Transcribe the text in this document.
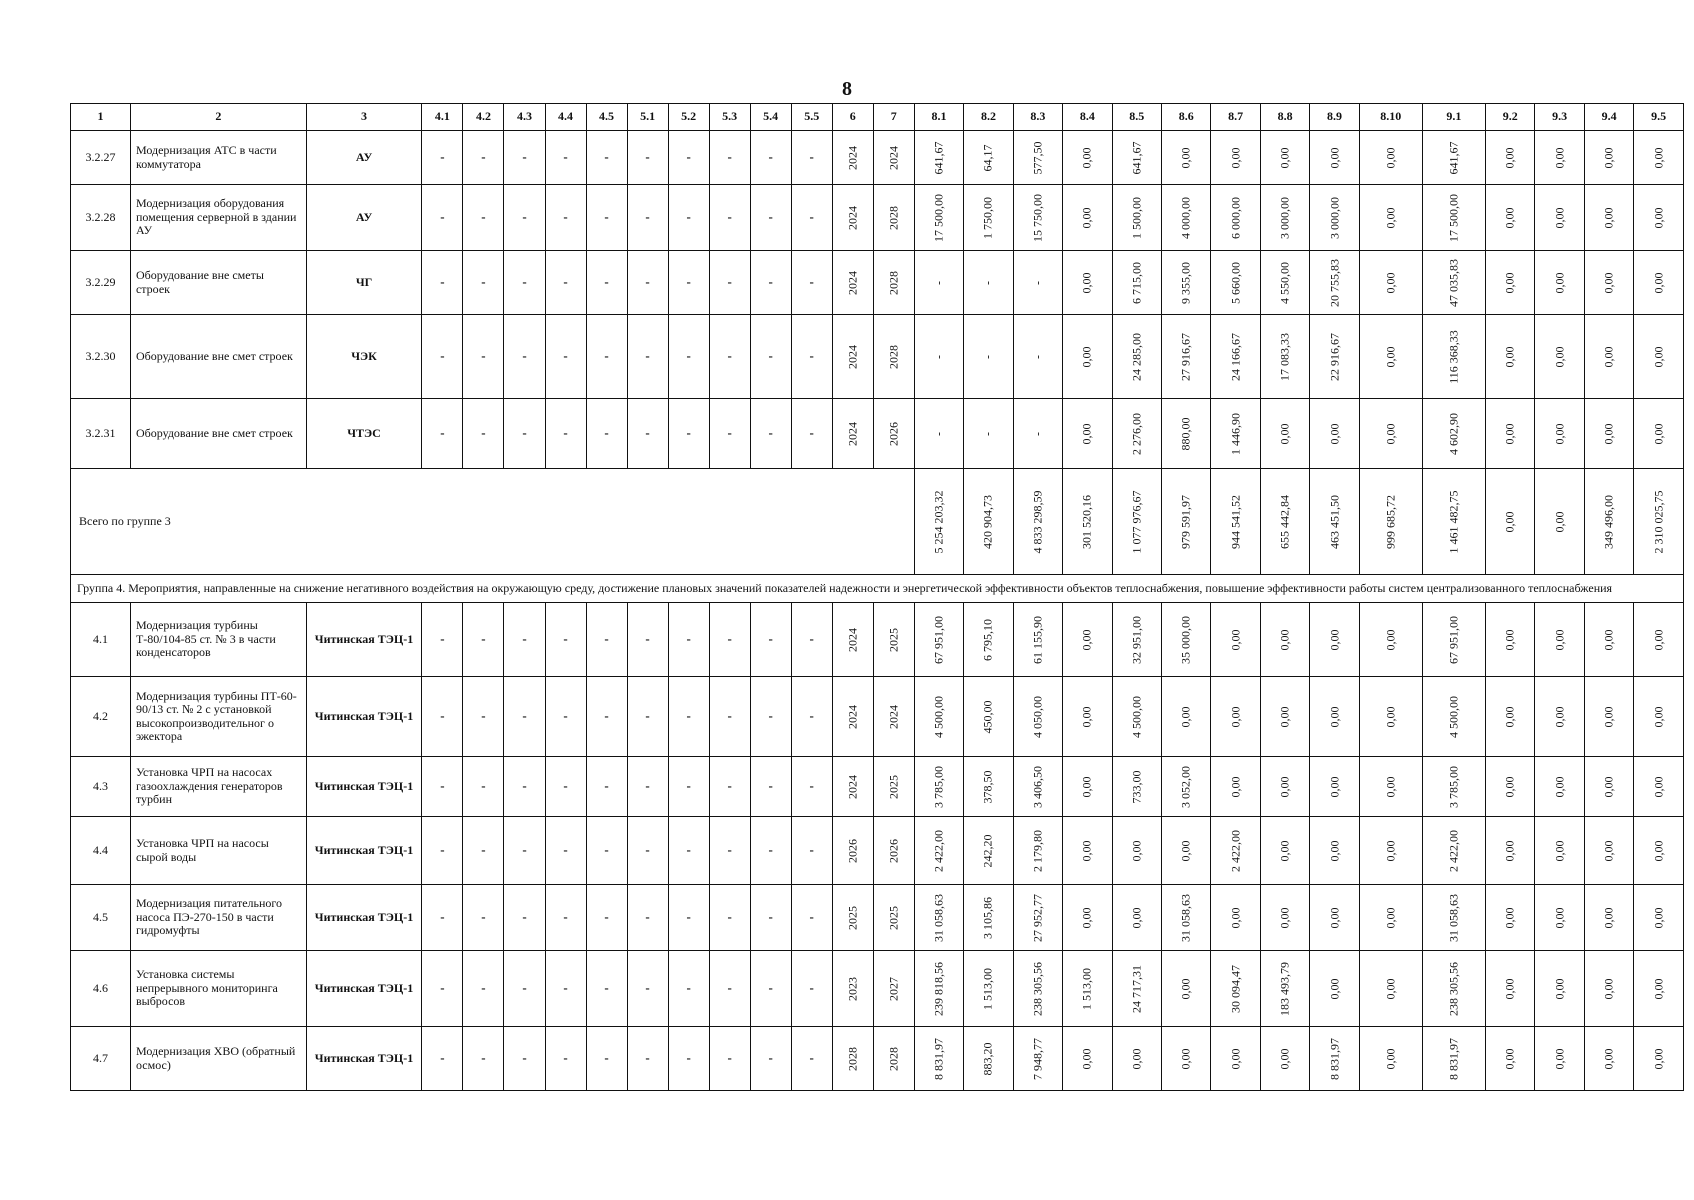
8
1	2	3	4.1	4.2	4.3	4.4	4.5	5.1	5.2	5.3	5.4	5.5	6	7	8.1	8.2	8.3	8.4	8.5	8.6	8.7	8.8	8.9	8.10	9.1	9.2	9.3	9.4	9.5
3.2.27	Модернизация АТС в части коммутатора	АУ	-	-	-	-	-	-	-	-	-	-	2024	2024	641,67	64,17	577,50	0,00	641,67	0,00	0,00	0,00	0,00	0,00	641,67	0,00	0,00	0,00	0,00

3.2.28	Модернизация оборудования помещения серверной в здании АУ	АУ	-	-	-	-	-	-	-	-	-	-	2024	2028	17 500,00	1 750,00	15 750,00	0,00	1 500,00	4 000,00	6 000,00	3 000,00	3 000,00	0,00	17 500,00	0,00	0,00	0,00	0,00

3.2.29	Оборудование вне сметы строек	ЧГ	-	-	-	-	-	-	-	-	-	-	2024	2028	-	-	-	0,00	6 715,00	9 355,00	5 660,00	4 550,00	20 755,83	0,00	47 035,83	0,00	0,00	0,00	0,00

3.2.30	Оборудование вне смет строек	ЧЭК	-	-	-	-	-	-	-	-	-	-	2024	2028	-	-	-	0,00	24 285,00	27 916,67	24 166,67	17 083,33	22 916,67	0,00	116 368,33	0,00	0,00	0,00	0,00

3.2.31	Оборудование вне смет строек	ЧТЭС	-	-	-	-	-	-	-	-	-	-	2024	2026	-	-	-	0,00	2 276,00	880,00	1 446,90	0,00	0,00	0,00	4 602,90	0,00	0,00	0,00	0,00

Всего по группе 3															5 254 203,32	420 904,73	4 833 298,59	301 520,16	1 077 976,67	979 591,97	944 541,52	655 442,84	463 451,50	999 685,72	1 461 482,75	0,00	0,00	349 496,00	2 310 025,75

Группа 4. Мероприятия, направленные на снижение негативного воздействия на окружающую среду, достижение плановых значений показателей надежности и энергетической эффективности объектов теплоснабжения, повышение эффективности работы систем централизованного теплоснабжения																													
4.1	Модернизация турбины Т-80/104-85 ст. № 3 в части конденсаторов	Читинская ТЭЦ-1	-	-	-	-	-	-	-	-	-	-	2024	2025	67 951,00	6 795,10	61 155,90	0,00	32 951,00	35 000,00	0,00	0,00	0,00	0,00	67 951,00	0,00	0,00	0,00	0,00

4.2	Модернизация турбины ПТ-60-90/13 ст. № 2 с установкой высокопроизводительног о эжектора	Читинская ТЭЦ-1	-	-	-	-	-	-	-	-	-	-	2024	2024	4 500,00	450,00	4 050,00	0,00	4 500,00	0,00	0,00	0,00	0,00	0,00	4 500,00	0,00	0,00	0,00	0,00

4.3	Установка ЧРП на насосах газоохлаждения генераторов турбин	Читинская ТЭЦ-1	-	-	-	-	-	-	-	-	-	-	2024	2025	3 785,00	378,50	3 406,50	0,00	733,00	3 052,00	0,00	0,00	0,00	0,00	3 785,00	0,00	0,00	0,00	0,00

4.4	Установка ЧРП на насосы сырой воды	Читинская ТЭЦ-1	-	-	-	-	-	-	-	-	-	-	2026	2026	2 422,00	242,20	2 179,80	0,00	0,00	0,00	2 422,00	0,00	0,00	0,00	2 422,00	0,00	0,00	0,00	0,00

4.5	Модернизация питательного насоса ПЭ-270-150 в части гидромуфты	Читинская ТЭЦ-1	-	-	-	-	-	-	-	-	-	-	2025	2025	31 058,63	3 105,86	27 952,77	0,00	0,00	31 058,63	0,00	0,00	0,00	0,00	31 058,63	0,00	0,00	0,00	0,00

4.6	Установка системы непрерывного мониторинга выбросов	Читинская ТЭЦ-1	-	-	-	-	-	-	-	-	-	-	2023	2027	239 818,56	1 513,00	238 305,56	1 513,00	24 717,31	0,00	30 094,47	183 493,79	0,00	0,00	238 305,56	0,00	0,00	0,00	0,00

4.7	Модернизация ХВО (обратный осмос)	Читинская ТЭЦ-1	-	-	-	-	-	-	-	-	-	-	2028	2028	8 831,97	883,20	7 948,77	0,00	0,00	0,00	0,00	0,00	8 831,97	0,00	8 831,97	0,00	0,00	0,00	0,00
